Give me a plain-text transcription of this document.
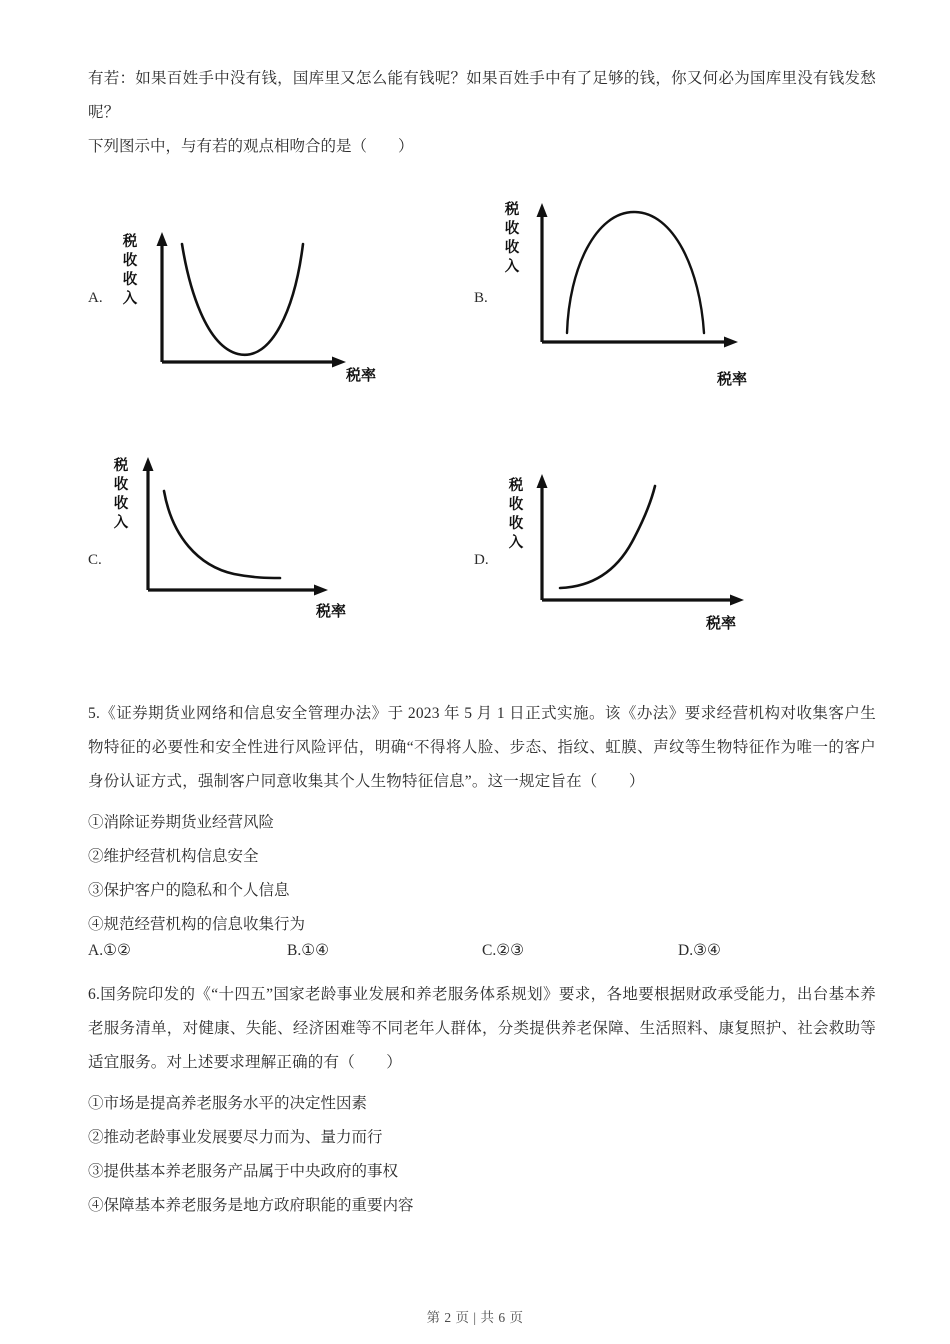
有若：如果百姓手中没有钱，国库里又怎么能有钱呢？如果百姓手中有了足够的钱，你又何必为国库里没有钱发愁呢？
下列图示中，与有若的观点相吻合的是（　　）
A.
税收收入
税率
B.
税收收入
税率
C.
税收收入
税率
D.
税收收入
税率
5.《证券期货业网络和信息安全管理办法》于 2023 年 5 月 1 日正式实施。该《办法》要求经营机构对收集客户生物特征的必要性和安全性进行风险评估，明确“不得将人脸、步态、指纹、虹膜、声纹等生物特征作为唯一的客户身份认证方式，强制客户同意收集其个人生物特征信息”。这一规定旨在（　　）
①消除证券期货业经营风险
②维护经营机构信息安全
③保护客户的隐私和个人信息
④规范经营机构的信息收集行为
A.①②	B.①④	C.②③	D.③④
6.国务院印发的《“十四五”国家老龄事业发展和养老服务体系规划》要求，各地要根据财政承受能力，出台基本养老服务清单，对健康、失能、经济困难等不同老年人群体，分类提供养老保障、生活照料、康复照护、社会救助等适宜服务。对上述要求理解正确的有（　　）
①市场是提高养老服务水平的决定性因素
②推动老龄事业发展要尽力而为、量力而行
③提供基本养老服务产品属于中央政府的事权
④保障基本养老服务是地方政府职能的重要内容
第 2 页 | 共 6 页
